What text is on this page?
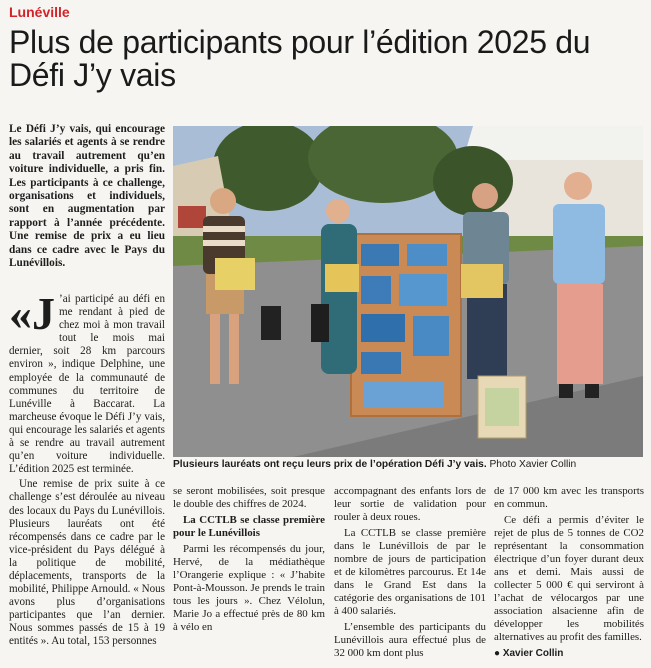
Lunéville
Plus de participants pour l’édition 2025 du Défi J’y vais
Le Défi J’y vais, qui encourage les salariés et agents à se rendre au travail autrement qu’en voiture individuelle, a pris fin. Les participants à ce challenge, organisations et individuels, sont en augmentation par rapport à l’année précédente. Une remise de prix a eu lieu dans ce cadre avec le Pays du Lunévillois.

«J ’ai participé au défi en me rendant à pied de chez moi à mon travail tout le mois mai dernier, soit 28 km parcours environ », indique Delphine, une employée de la communauté de communes du territoire de Lunéville à Baccarat. La marcheuse évoque le Défi J’y vais, qui encourage les salariés et agents à se rendre au travail autrement qu’en voiture individuelle. L’édition 2025 est terminée.

Une remise de prix suite à ce challenge s’est déroulée au niveau des locaux du Pays du Lunévillois. Plusieurs lauréats ont été récompensés dans ce cadre par le vice-président du Pays délégué à la politique de mobilité, déplacements, transports de la mobilité, Philippe Arnould. « Nous avons plus d’organisations participantes que l’an dernier. Nous sommes passés de 15 à 19 entités ». Au total, 153 personnes

Plusieurs lauréats ont reçu leurs prix de l’opération Défi J’y vais. Photo Xavier Collin

se seront mobilisées, soit presque le double des chiffres de 2024.

La CCTLB se classe première pour le Lunévillois

Parmi les récompensés du jour, Hervé, de la médiathèque l’Orangerie explique : « J’habite Pont-à-Mousson. Je prends le train tous les jours ». Chez Vélolun, Marie Jo a effectué près de 80 km à vélo en

accompagnant des enfants lors de leur sortie de validation pour rouler à deux roues.

La CCTLB se classe première dans le Lunévillois de par le nombre de jours de participation et de kilomètres parcourus. Et 14e dans le Grand Est dans la catégorie des organisations de 101 à 400 salariés.

L’ensemble des participants du Lunévillois aura effectué plus de 32 000 km dont plus

de 17 000 km avec les transports en commun.

Ce défi a permis d’éviter le rejet de plus de 5 tonnes de CO2 représentant la consommation électrique d’un foyer durant deux ans et demi. Mais aussi de collecter 5 000 € qui serviront à l’achat de vélocargos par une association alsacienne afin de développer les mobilités alternatives au profit des familles.

● Xavier Collin
